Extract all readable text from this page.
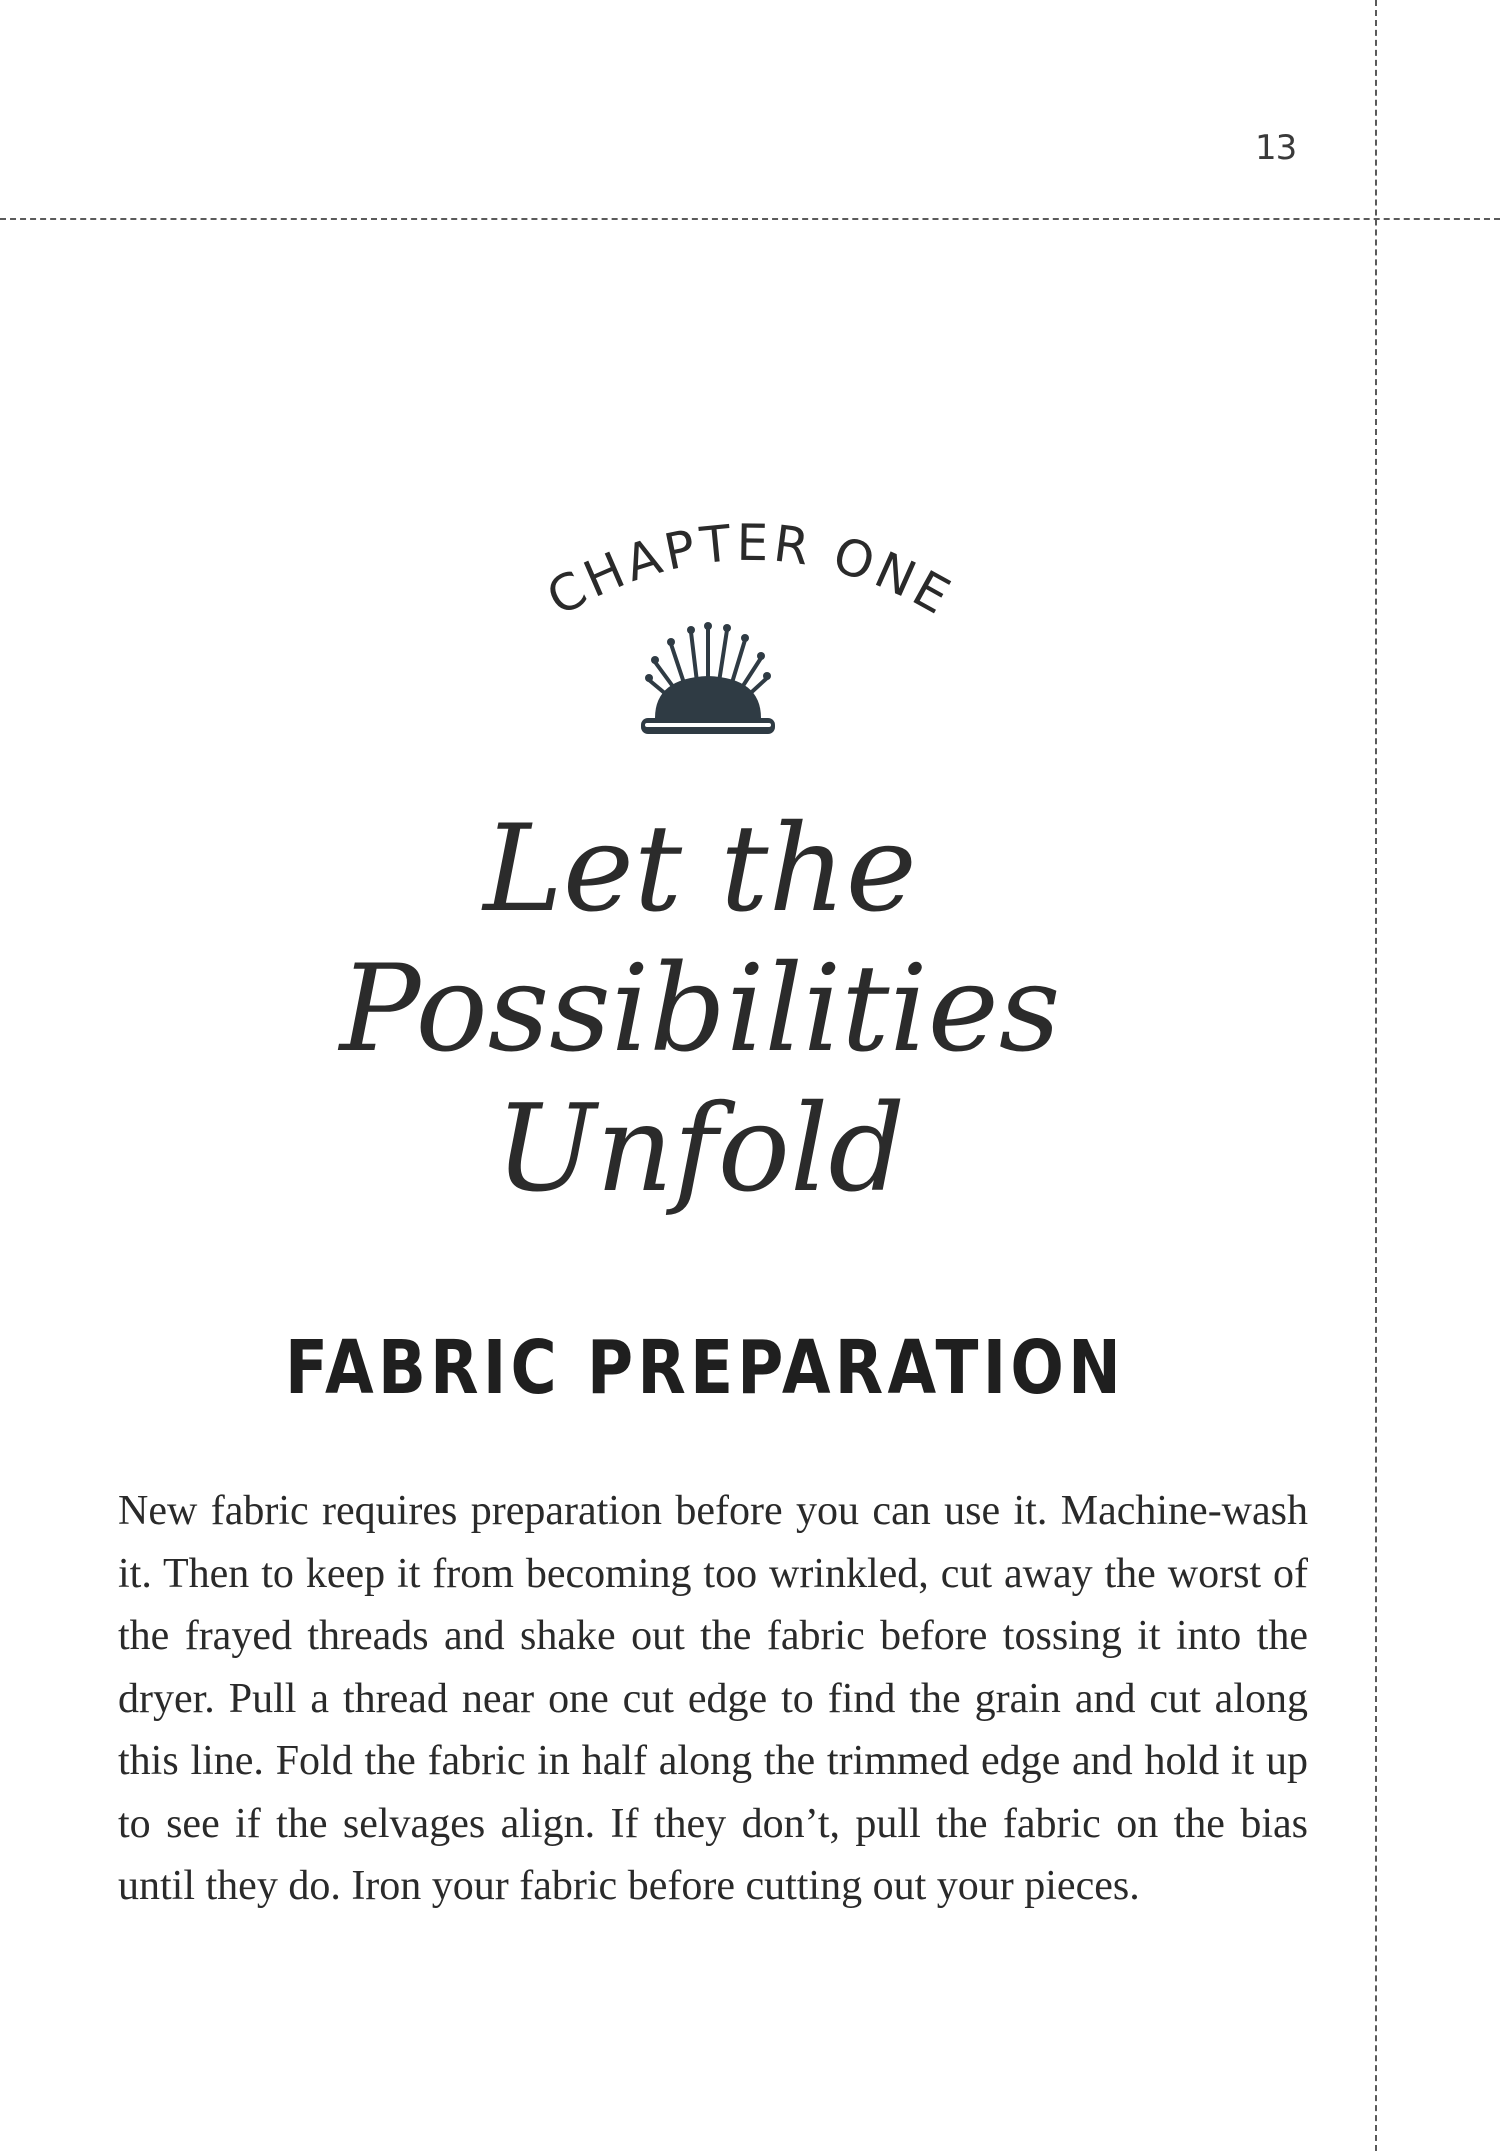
13
CHAPTER ONE
Let the Possibilities
Unfold
FABRIC PREPARATION
New fabric requires preparation before you can use it. Machine-wash it. Then to keep it from becoming too wrinkled, cut away the worst of the frayed threads and shake out the fabric before tossing it into the dryer. Pull a thread near one cut edge to find the grain and cut along this line. Fold the fabric in half along the trimmed edge and hold it up to see if the selvages align. If they don’t, pull the fabric on the bias until they do. Iron your fabric before cutting out your pieces.
